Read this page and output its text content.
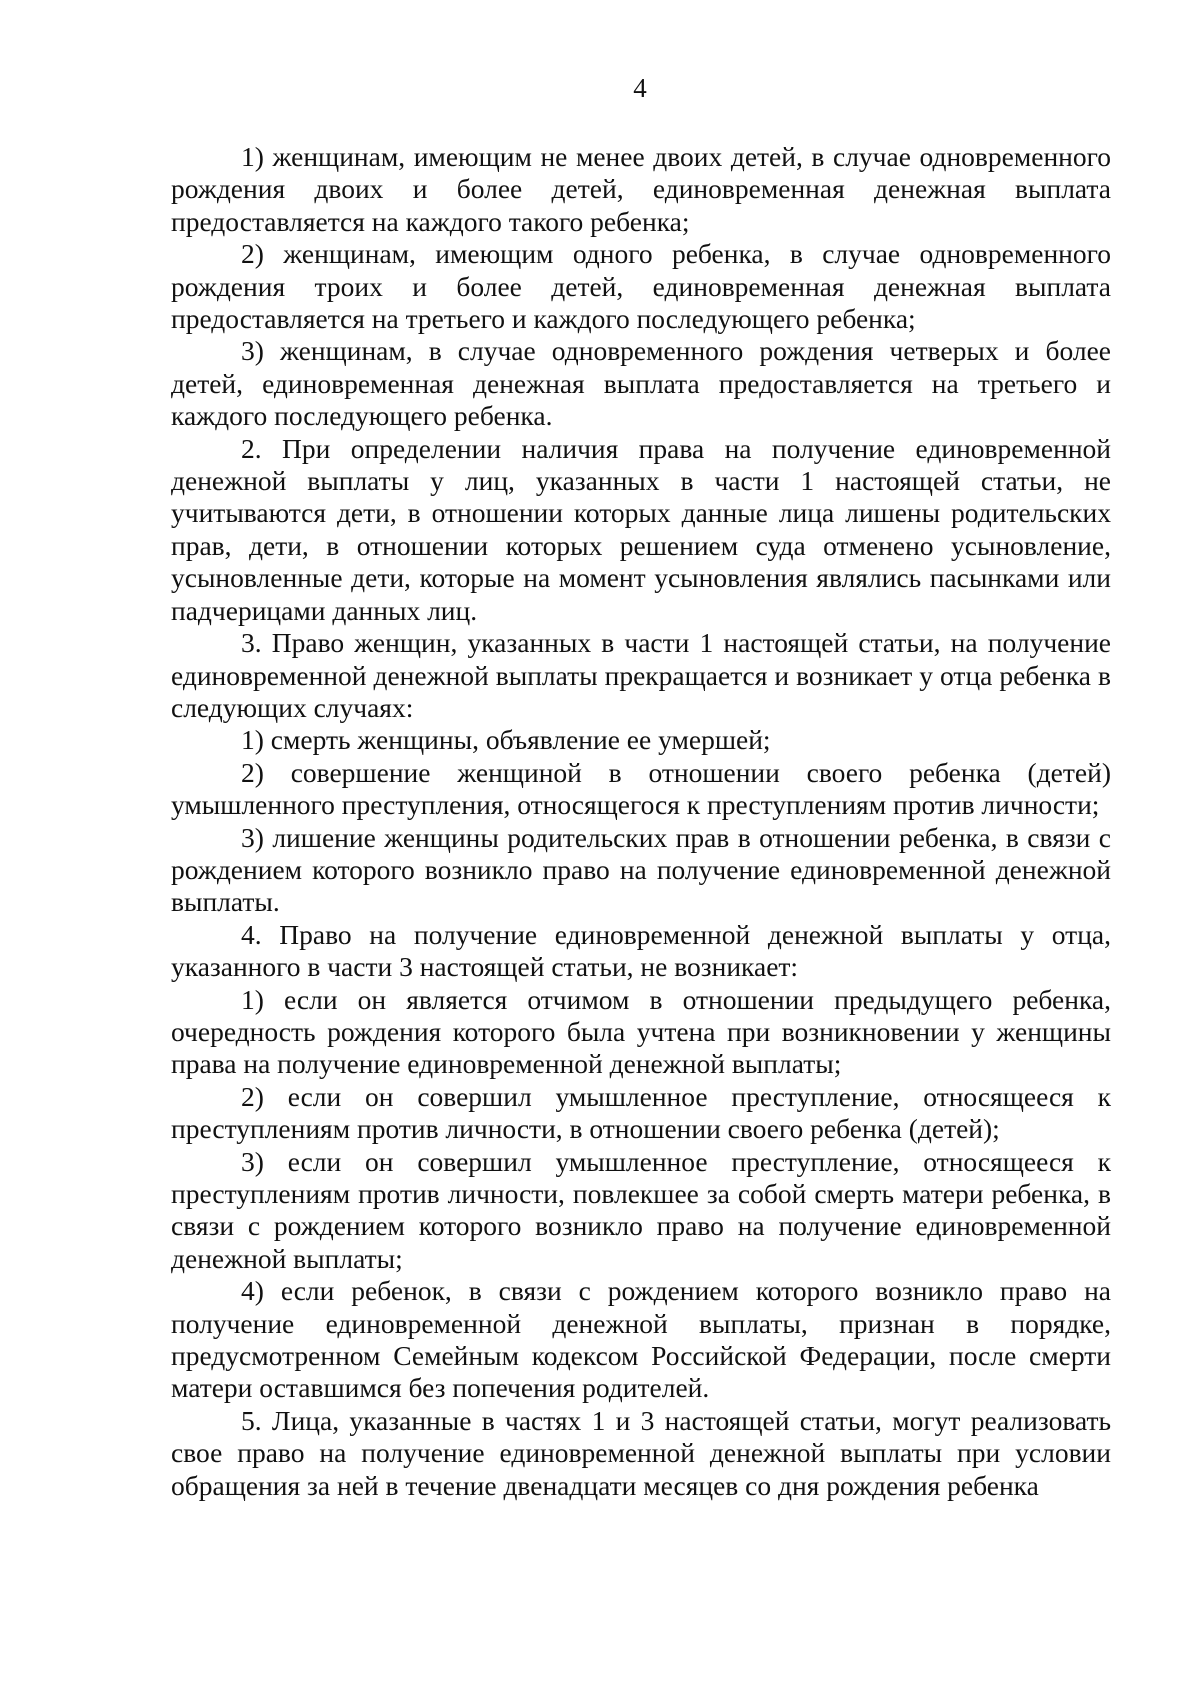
4

1) женщинам, имеющим не менее двоих детей, в случае одновременного рождения двоих и более детей, единовременная денежная выплата предоставляется на каждого такого ребенка;

2) женщинам, имеющим одного ребенка, в случае одновременного рождения троих и более детей, единовременная денежная выплата предоставляется на третьего и каждого последующего ребенка;

3) женщинам, в случае одновременного рождения четверых и более детей, единовременная денежная выплата предоставляется на третьего и каждого последующего ребенка.

2. При определении наличия права на получение единовременной денежной выплаты у лиц, указанных в части 1 настоящей статьи, не учитываются дети, в отношении которых данные лица лишены родительских прав, дети, в отношении которых решением суда отменено усыновление, усыновленные дети, которые на момент усыновления являлись пасынками или падчерицами данных лиц.

3. Право женщин, указанных в части 1 настоящей статьи, на получение единовременной денежной выплаты прекращается и возникает у отца ребенка в следующих случаях:

1) смерть женщины, объявление ее умершей;

2) совершение женщиной в отношении своего ребенка (детей) умышленного преступления, относящегося к преступлениям против личности;

3) лишение женщины родительских прав в отношении ребенка, в связи с рождением которого возникло право на получение единовременной денежной выплаты.

4. Право на получение единовременной денежной выплаты у отца, указанного в части 3 настоящей статьи, не возникает:

1) если он является отчимом в отношении предыдущего ребенка, очередность рождения которого была учтена при возникновении у женщины права на получение единовременной денежной выплаты;

2) если он совершил умышленное преступление, относящееся к преступлениям против личности, в отношении своего ребенка (детей);

3) если он совершил умышленное преступление, относящееся к преступлениям против личности, повлекшее за собой смерть матери ребенка, в связи с рождением которого возникло право на получение единовременной денежной выплаты;

4) если ребенок, в связи с рождением которого возникло право на получение единовременной денежной выплаты, признан в порядке, предусмотренном Семейным кодексом Российской Федерации, после смерти матери оставшимся без попечения родителей.

5. Лица, указанные в частях 1 и 3 настоящей статьи, могут реализовать свое право на получение единовременной денежной выплаты при условии обращения за ней в течение двенадцати месяцев со дня рождения ребенка
